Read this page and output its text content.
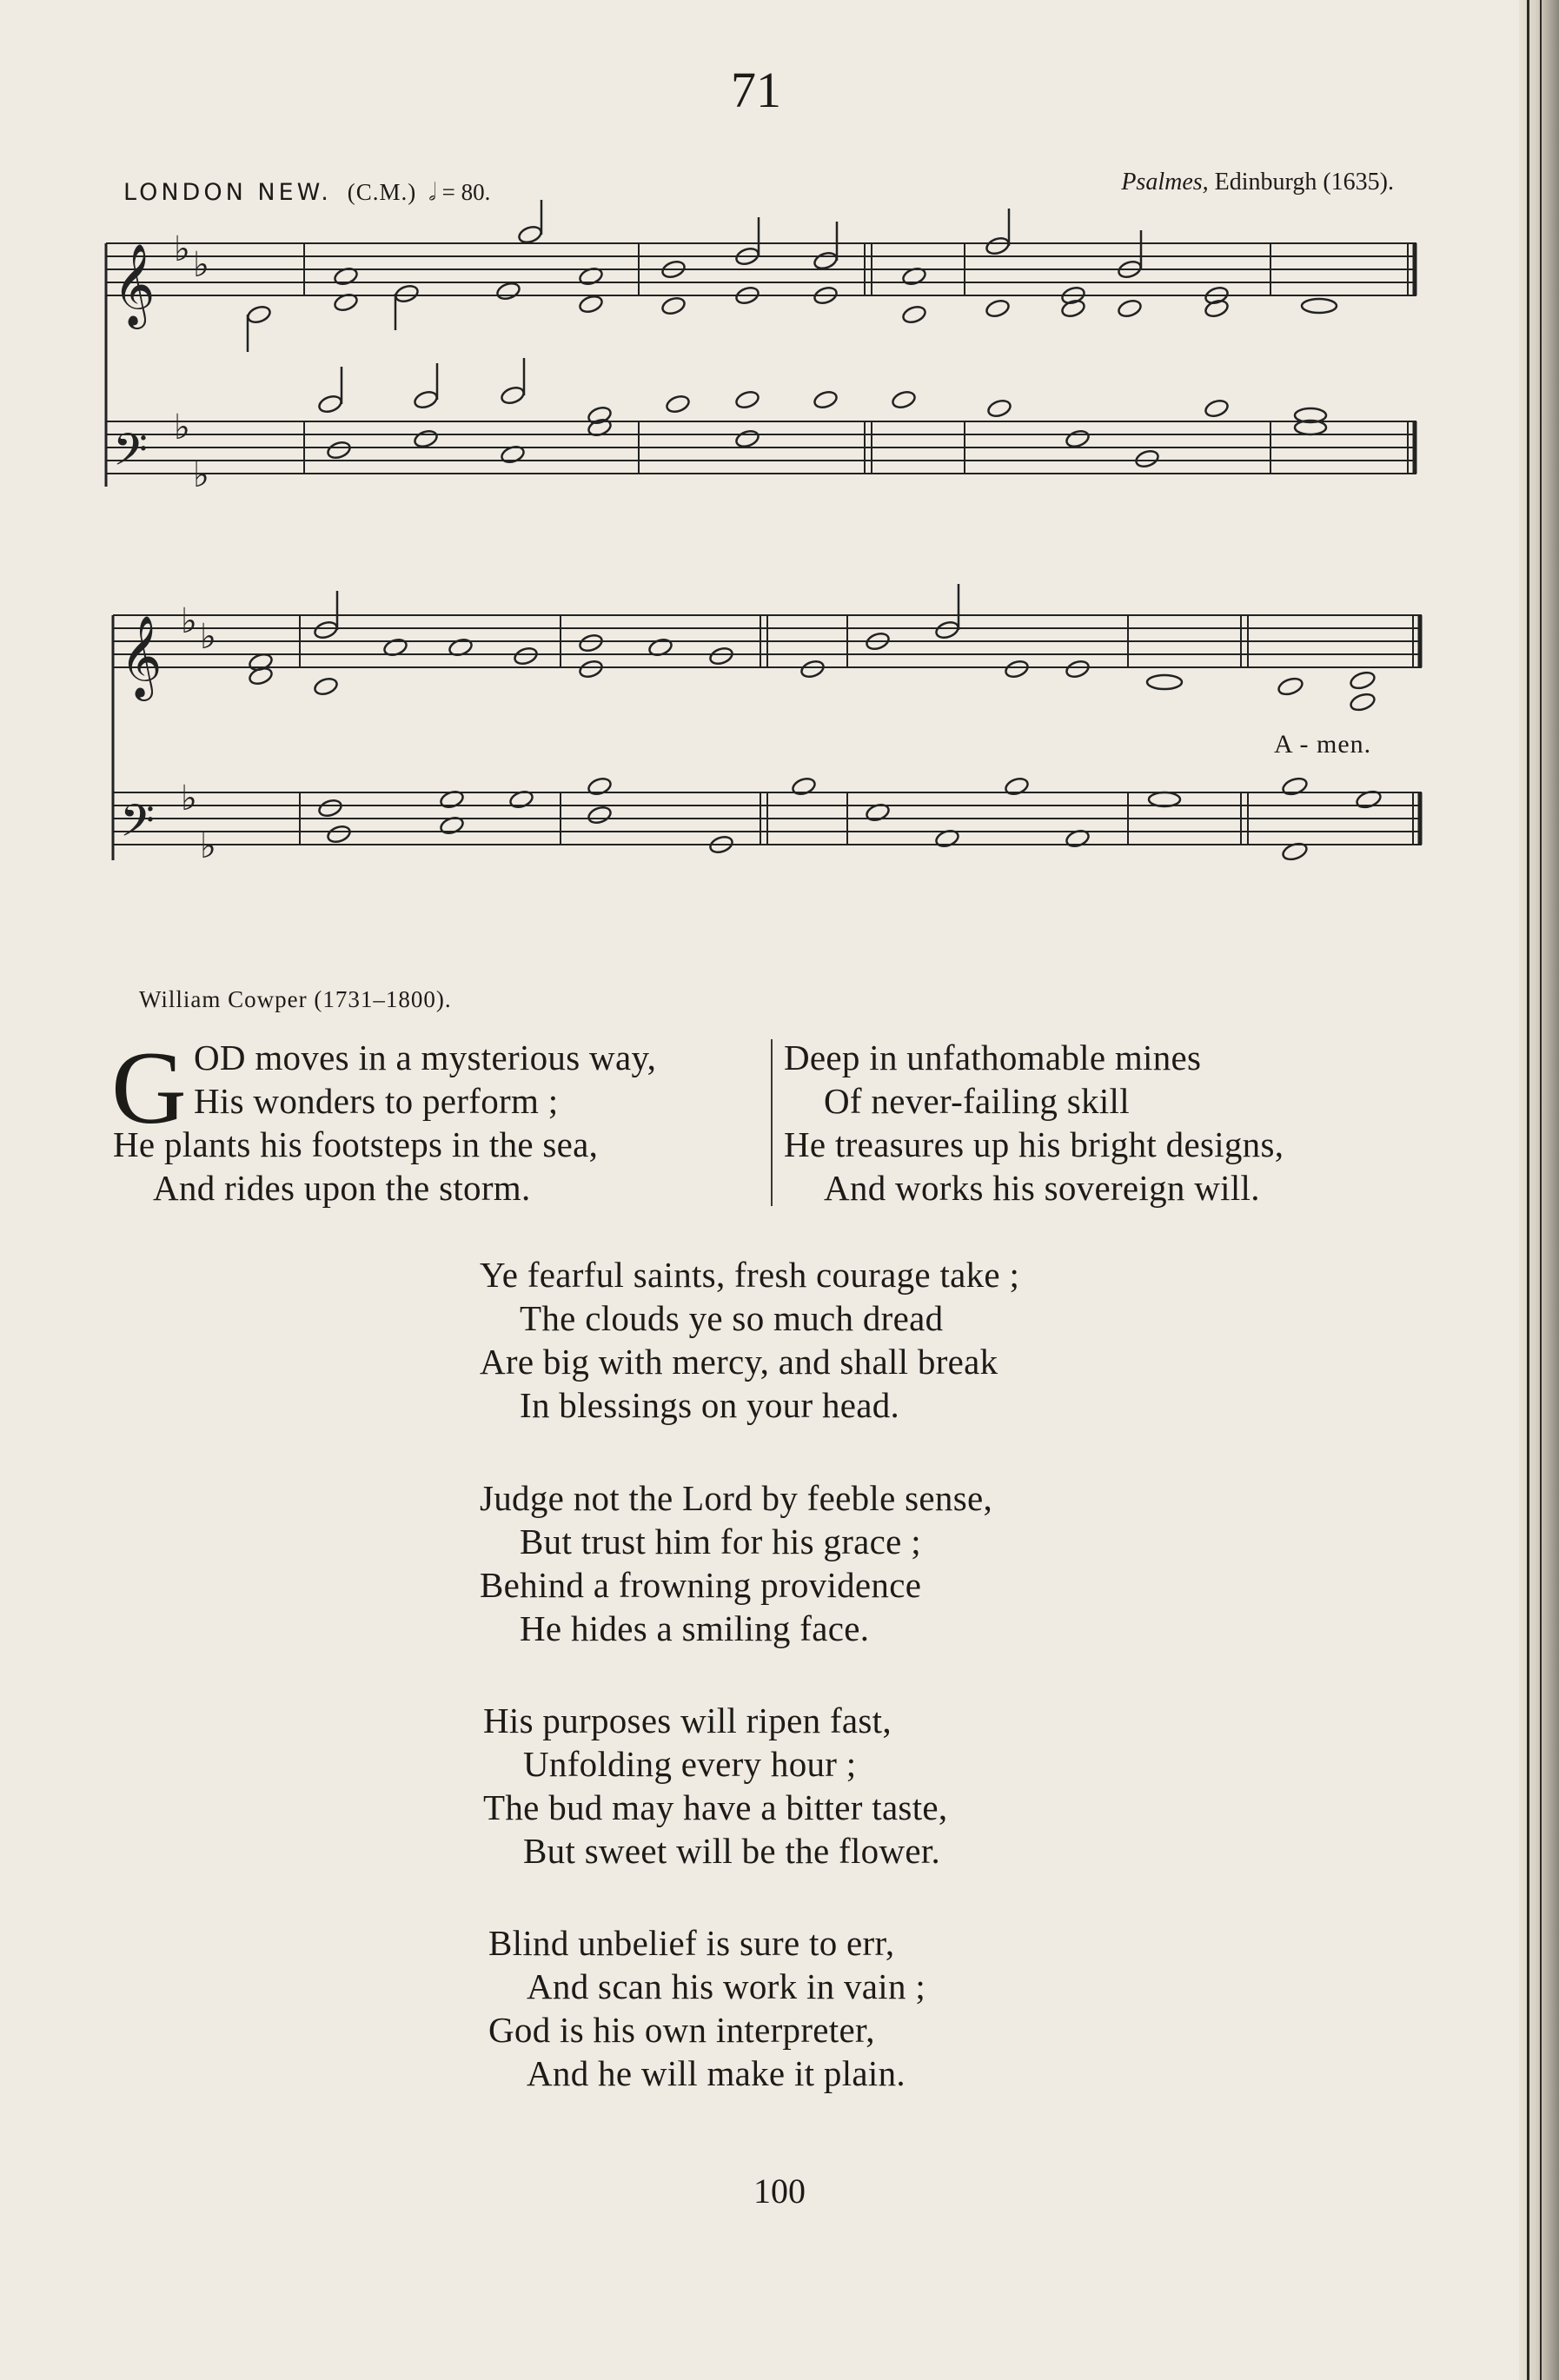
71
LONDON NEW. (C.M.) 𝅗𝅥 = 80.	Psalmes, Edinburgh (1635).
𝄞
𝄢
𝄞
𝄢
♭ ♭
♭
♭
♭ ♭
♭
♭
A - men.
William Cowper (1731–1800).
G OD moves in a mysterious way,
His wonders to perform ;
He plants his footsteps in the sea,
And rides upon the storm.
Deep in unfathomable mines
Of never-failing skill
He treasures up his bright designs,
And works his sovereign will.
Ye fearful saints, fresh courage take ;
The clouds ye so much dread
Are big with mercy, and shall break
In blessings on your head.
Judge not the Lord by feeble sense,
But trust him for his grace ;
Behind a frowning providence
He hides a smiling face.
His purposes will ripen fast,
Unfolding every hour ;
The bud may have a bitter taste,
But sweet will be the flower.
Blind unbelief is sure to err,
And scan his work in vain ;
God is his own interpreter,
And he will make it plain.
100
